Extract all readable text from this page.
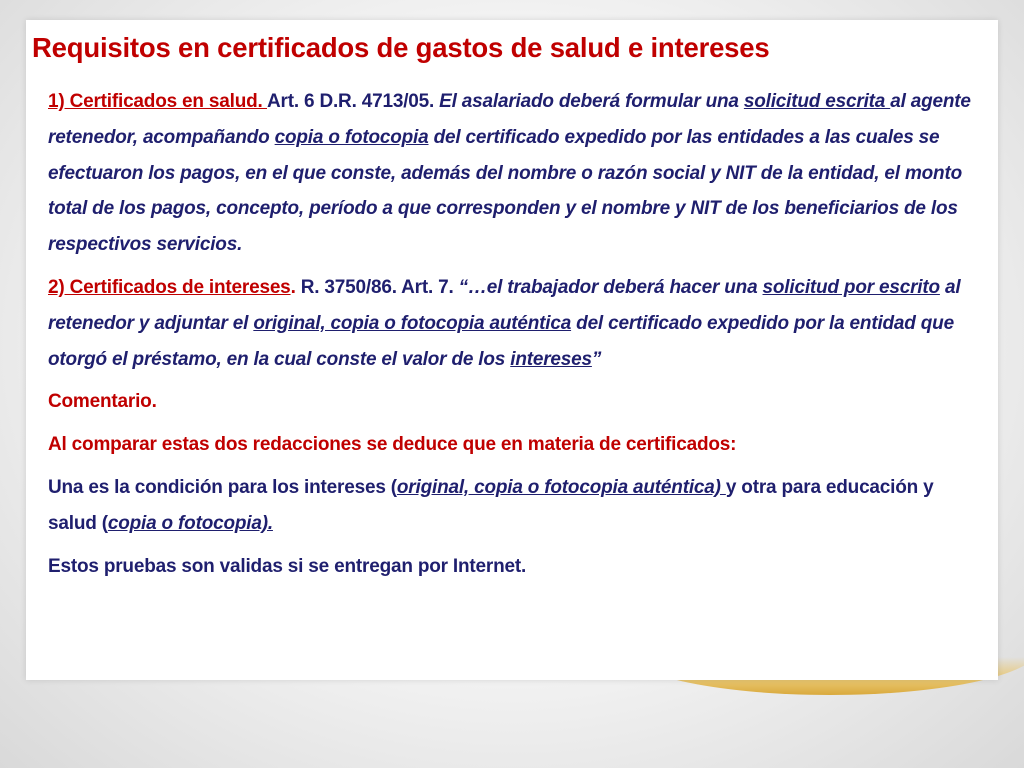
Requisitos en certificados de gastos de salud e intereses

1) Certificados en salud. Art. 6 D.R. 4713/05. El asalariado deberá formular una solicitud escrita al agente retenedor, acompañando copia o fotocopia del certificado expedido por las entidades a las cuales se efectuaron los pagos, en el que conste, además del nombre o razón social y NIT de la entidad, el monto total de los pagos, concepto, período a que corresponden y el nombre y NIT de los beneficiarios de los respectivos servicios.

2) Certificados de intereses. R. 3750/86. Art. 7. “…el trabajador deberá hacer una solicitud por escrito al retenedor y adjuntar el original, copia o fotocopia auténtica del certificado expedido por la entidad que otorgó el préstamo, en la cual conste el valor de los intereses”

Comentario.

Al comparar estas dos redacciones se deduce que en materia de certificados:

Una es la condición para los intereses (original, copia o fotocopia auténtica) y otra para educación y salud (copia o fotocopia).

Estos pruebas son validas si se entregan por Internet.
